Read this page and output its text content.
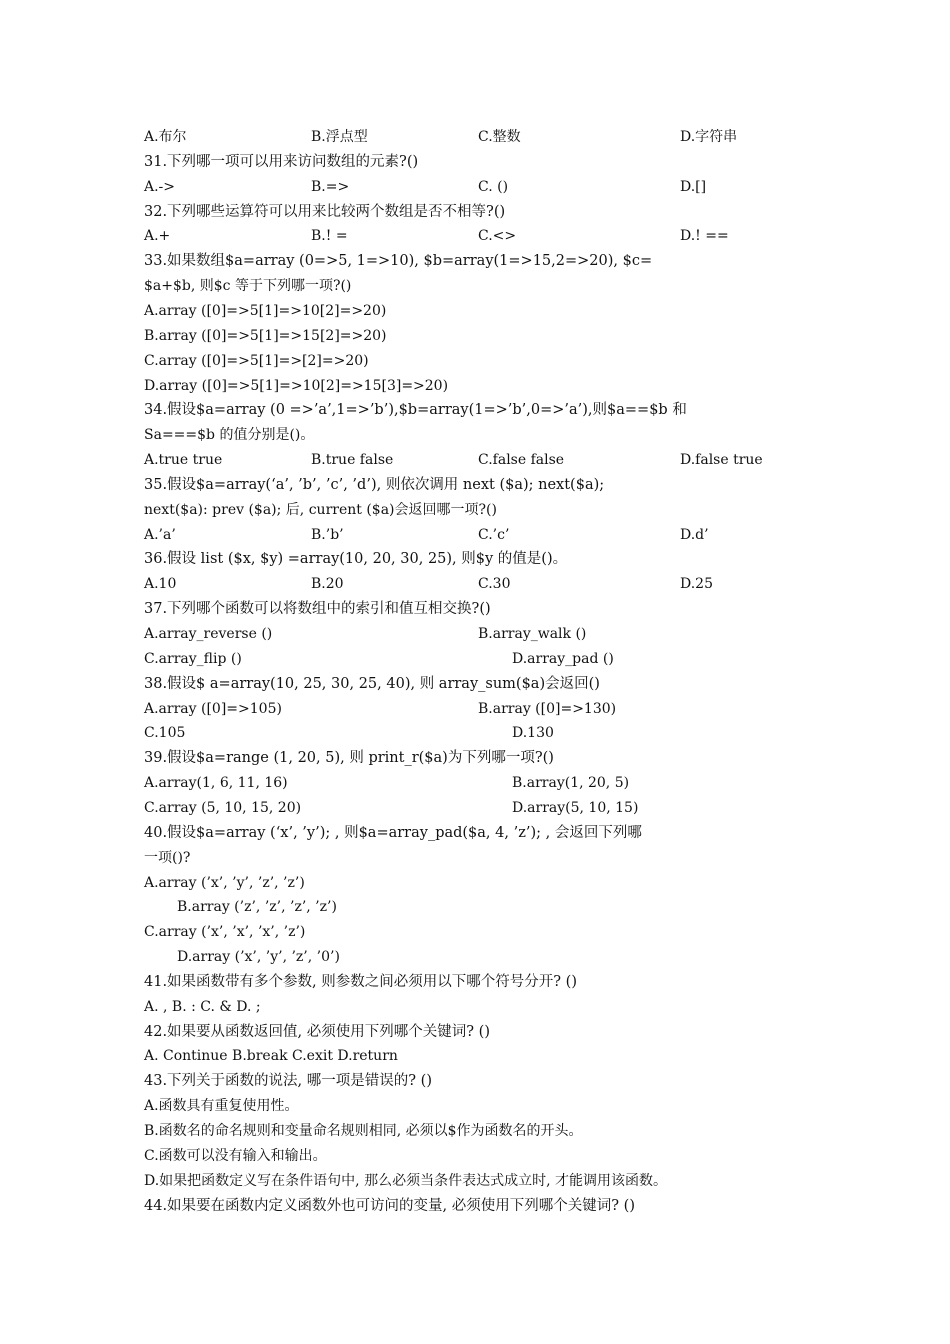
A.布尔	B.浮点型	C.整数	D.字符串
31.下列哪一项可以用来访问数组的元素?()
A.->	B.=>	C. ()	D.[]
32.下列哪些运算符可以用来比较两个数组是否不相等?()
A.+	B.! =	C.<>	D.! ==
33.如果数组$a=array (0=>5, 1=>10), $b=array(1=>15,2=>20), $c=
$a+$b, 则$c 等于下列哪一项?()
A.array ([0]=>5[1]=>10[2]=>20)
B.array ([0]=>5[1]=>15[2]=>20)
C.array ([0]=>5[1]=>[2]=>20)
D.array ([0]=>5[1]=>10[2]=>15[3]=>20)
34.假设$a=array (0 =>’a’,1=>’b’),$b=array(1=>’b’,0=>’a’),则$a==$b 和
Sa===$b 的值分别是()。
A.true true	B.true false	C.false false	D.false true
35.假设$a=array(‘a’, ’b’, ’c’, ’d’), 则依次调用 next ($a); next($a);
next($a): prev ($a); 后, current ($a)会返回哪一项?()
A.’a’	B.’b’	C.’c’	D.d’
36.假设 list ($x, $y) =array(10, 20, 30, 25), 则$y 的值是()。
A.10	B.20	C.30	D.25
37.下列哪个函数可以将数组中的索引和值互相交换?()
A.array_reverse ()	B.array_walk ()
C.array_flip ()	D.array_pad ()
38.假设$ a=array(10, 25, 30, 25, 40), 则 array_sum($a)会返回()
A.array ([0]=>105)	B.array ([0]=>130)
C.105	D.130
39.假设$a=range (1, 20, 5), 则 print_r($a)为下列哪一项?()
A.array(1, 6, 11, 16)	B.array(1, 20, 5)
C.array (5, 10, 15, 20)	D.array(5, 10, 15)
40.假设$a=array (‘x’, ’y’); , 则$a=array_pad($a, 4, ’z’); , 会返回下列哪
一项()?
A.array (’x’, ’y’, ’z’, ’z’)
B.array (’z’, ’z’, ’z’, ’z’)
C.array (’x’, ’x’, ’x’, ’z’)
D.array (’x’, ’y’, ’z’, ’0’)
41.如果函数带有多个参数, 则参数之间必须用以下哪个符号分开? ()
A. , B. : C. & D. ;
42.如果要从函数返回值, 必须使用下列哪个关键词? ()
A. Continue B.break C.exit D.return
43.下列关于函数的说法, 哪一项是错误的? ()
A.函数具有重复使用性。
B.函数名的命名规则和变量命名规则相同, 必须以$作为函数名的开头。
C.函数可以没有输入和输出。
D.如果把函数定义写在条件语句中, 那么必须当条件表达式成立时, 才能调用该函数。
44.如果要在函数内定义函数外也可访问的变量, 必须使用下列哪个关键词? ()
